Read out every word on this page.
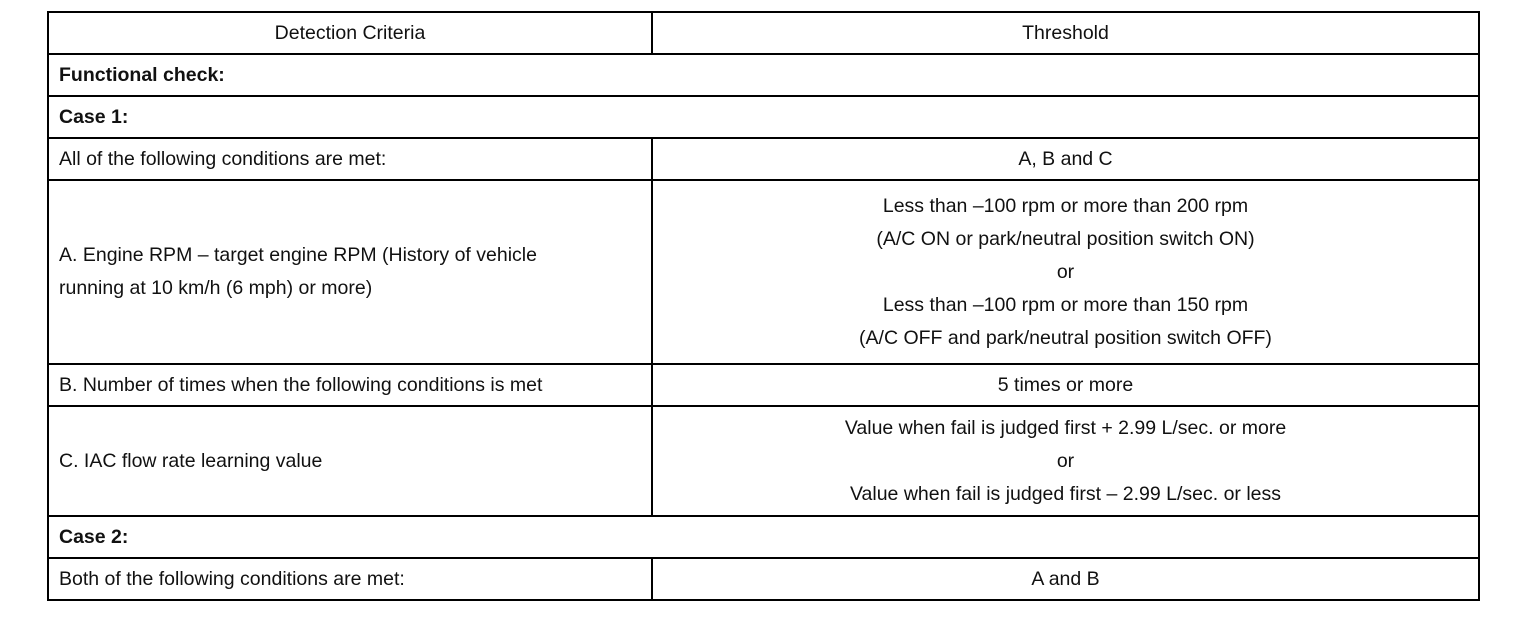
Detection Criteria	Threshold
Functional check:	
Case 1:	
All of the following conditions are met:	A, B and C

A. Engine RPM – target engine RPM (History of vehicle
running at 10 km/h (6 mph) or more)	Less than –100 rpm or more than 200 rpm
(A/C ON or park/neutral position switch ON)
or
Less than –100 rpm or more than 150 rpm
(A/C OFF and park/neutral position switch OFF)

B. Number of times when the following conditions is met	5 times or more

C. IAC flow rate learning value	Value when fail is judged first + 2.99 L/sec. or more
or
Value when fail is judged first – 2.99 L/sec. or less

Case 2:	
Both of the following conditions are met:	A and B
